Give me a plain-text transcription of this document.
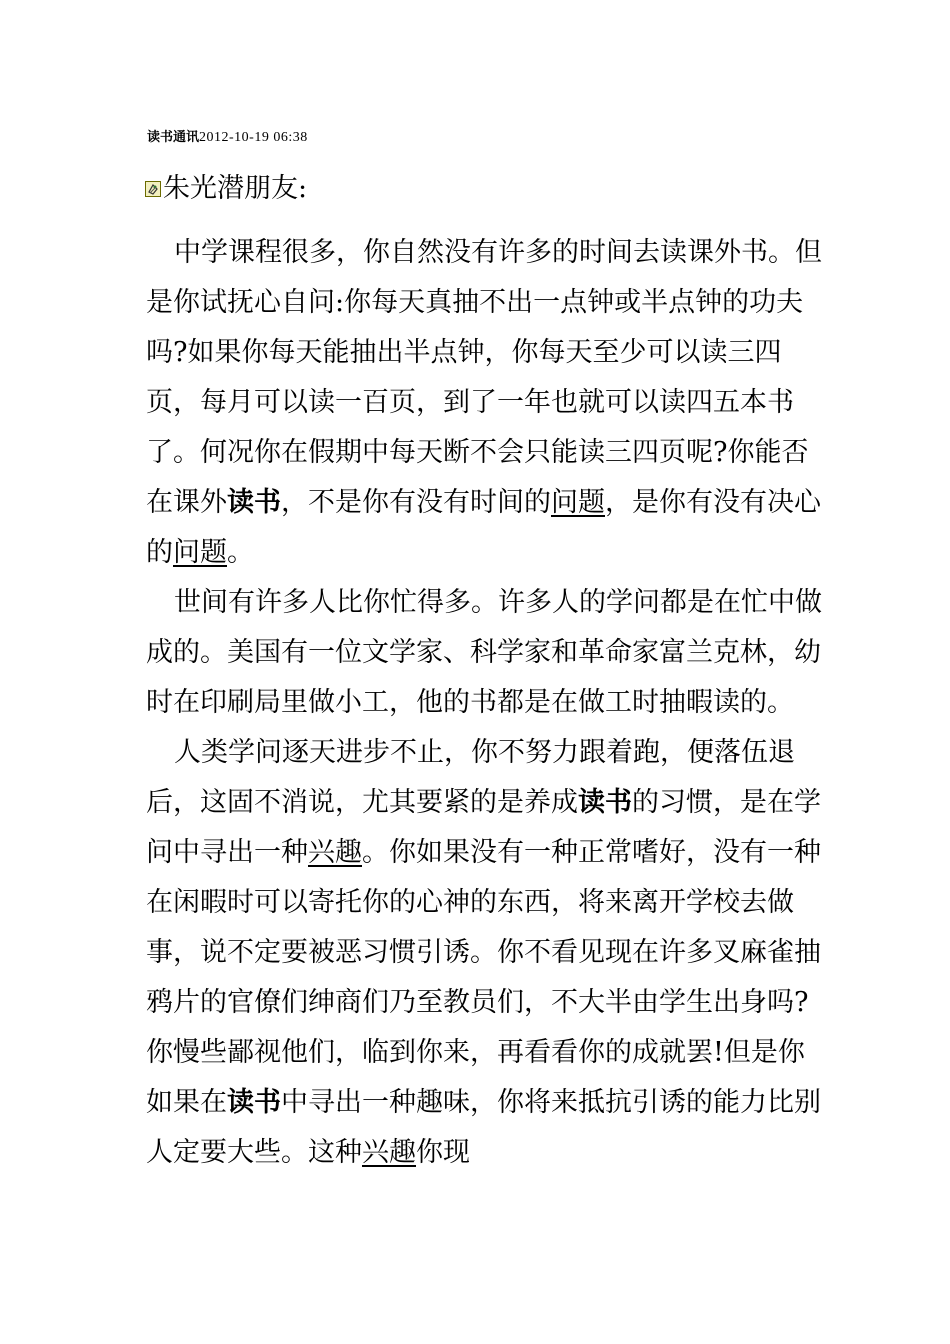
读书通讯2012-10-19 06:38
朱光潜朋友:

中学课程很多，你自然没有许多的时间去读课外书。但是你试抚心自问:你每天真抽不出一点钟或半点钟的功夫吗?如果你每天能抽出半点钟，你每天至少可以读三四页，每月可以读一百页，到了一年也就可以读四五本书了。何况你在假期中每天断不会只能读三四页呢?你能否在课外读书，不是你有没有时间的问题，是你有没有决心的问题。

世间有许多人比你忙得多。许多人的学问都是在忙中做成的。美国有一位文学家、科学家和革命家富兰克林，幼时在印刷局里做小工，他的书都是在做工时抽暇读的。

人类学问逐天进步不止，你不努力跟着跑，便落伍退后，这固不消说，尤其要紧的是养成读书的习惯，是在学问中寻出一种兴趣。你如果没有一种正常嗜好，没有一种在闲暇时可以寄托你的心神的东西，将来离开学校去做事，说不定要被恶习惯引诱。你不看见现在许多叉麻雀抽鸦片的官僚们绅商们乃至教员们，不大半由学生出身吗?你慢些鄙视他们，临到你来，再看看你的成就罢!但是你如果在读书中寻出一种趣味，你将来抵抗引诱的能力比别人定要大些。这种兴趣你现
